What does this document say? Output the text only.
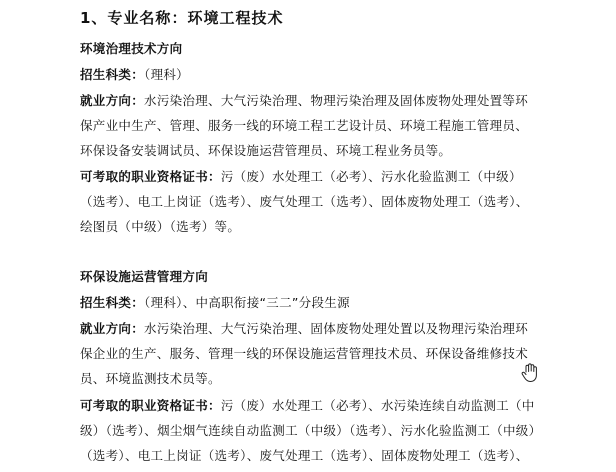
1、专业名称：环境工程技术
环境治理技术方向
招生科类：（理科）
就业方向：水污染治理、大气污染治理、物理污染治理及固体废物处理处置等环
保产业中生产、管理、服务一线的环境工程工艺设计员、环境工程施工管理员、
环保设备安装调试员、环保设施运营管理员、环境工程业务员等。
可考取的职业资格证书：污（废）水处理工（必考）、污水化验监测工（中级）
（选考）、电工上岗证（选考）、废气处理工（选考）、固体废物处理工（选考）、
绘图员（中级）（选考）等。
环保设施运营管理方向
招生科类：（理科）、中高职衔接“三二”分段生源
就业方向：水污染治理、大气污染治理、固体废物处理处置以及物理污染治理环
保企业的生产、服务、管理一线的环保设施运营管理技术员、环保设备维修技术
员、环境监测技术员等。
可考取的职业资格证书：污（废）水处理工（必考）、水污染连续自动监测工（中
级）（选考）、烟尘烟气连续自动监测工（中级）（选考）、污水化验监测工（中级）
（选考）、电工上岗证（选考）、废气处理工（选考）、固体废物处理工（选考）、
